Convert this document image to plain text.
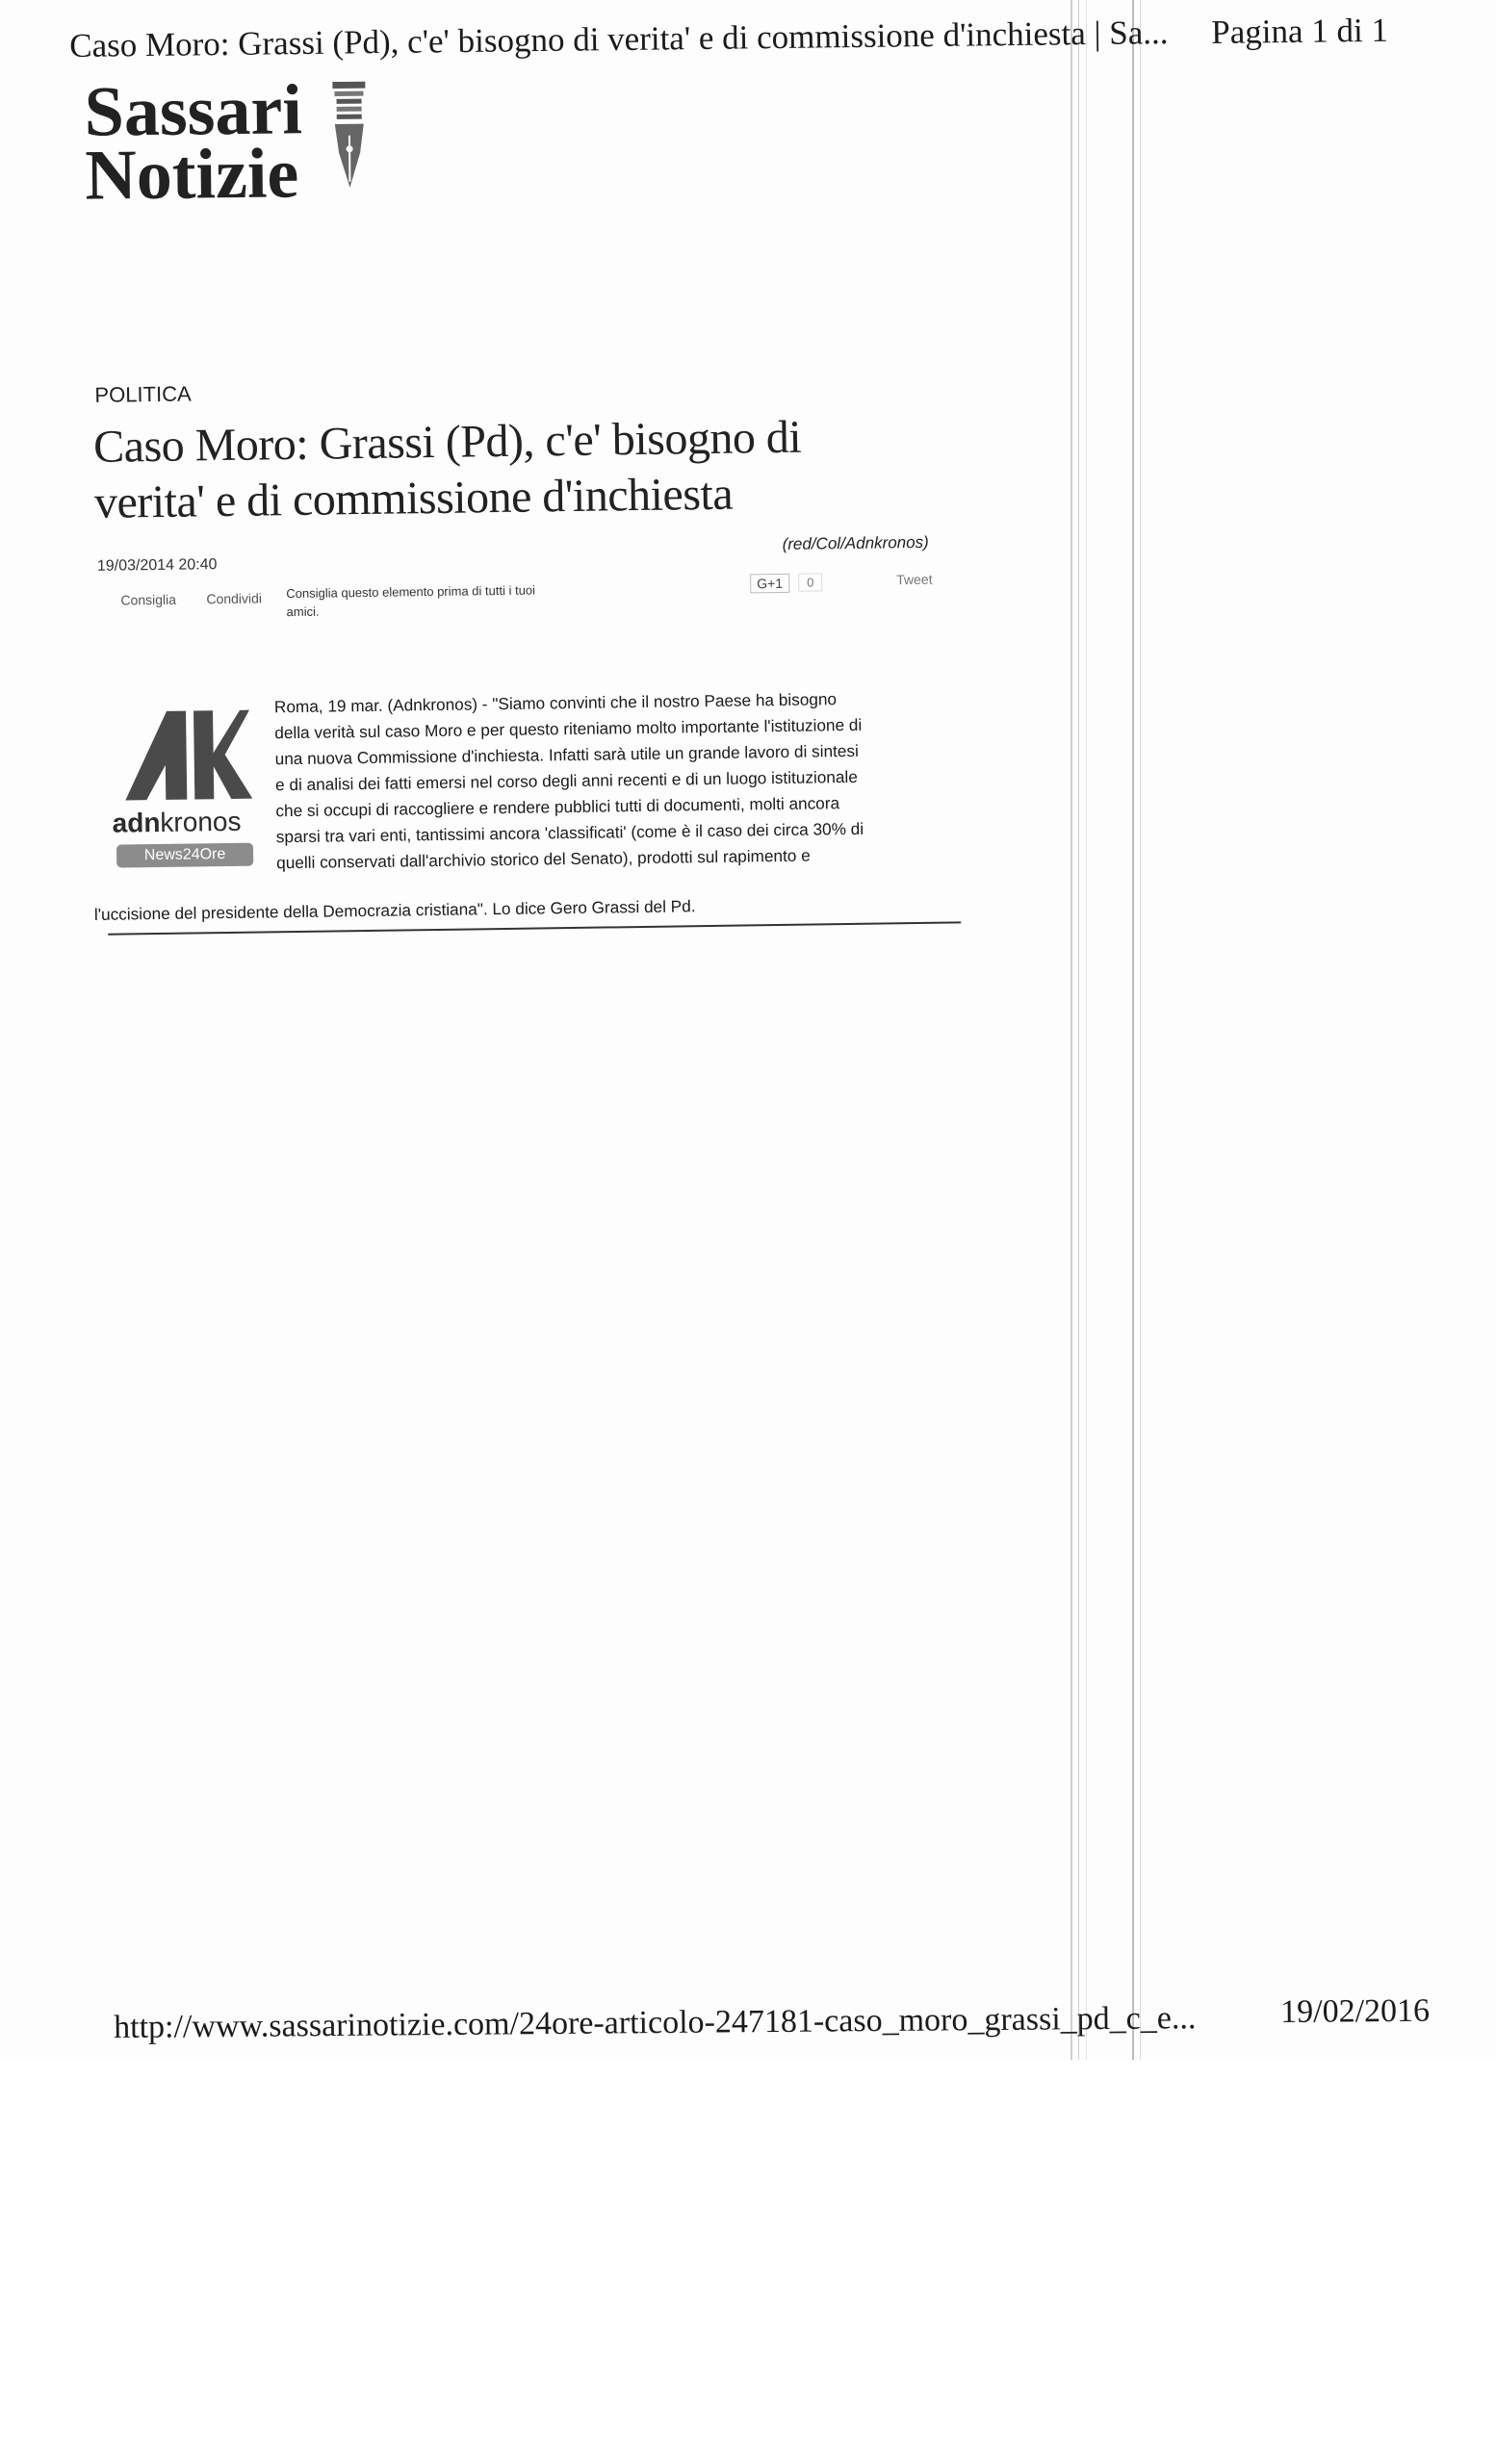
Caso Moro: Grassi (Pd), c'e' bisogno di verita' e di commissione d'inchiesta | Sa... Pagina 1 di 1
Sassari
Notizie
POLITICA
Caso Moro: Grassi (Pd), c'e' bisogno di
verita' e di commissione d'inchiesta
19/03/2014 20:40
(red/Col/Adnkronos)
Consiglia Condividi Consiglia questo elemento prima di tutti i tuoi amici.
G+1	0	Tweet
adnkronos
News24Ore
Roma, 19 mar. (Adnkronos) - "Siamo convinti che il nostro Paese ha bisogno
della verità sul caso Moro e per questo riteniamo molto importante l'istituzione di
una nuova Commissione d'inchiesta. Infatti sarà utile un grande lavoro di sintesi
e di analisi dei fatti emersi nel corso degli anni recenti e di un luogo istituzionale
che si occupi di raccogliere e rendere pubblici tutti di documenti, molti ancora
sparsi tra vari enti, tantissimi ancora 'classificati' (come è il caso dei circa 30% di
quelli conservati dall'archivio storico del Senato), prodotti sul rapimento e
l'uccisione del presidente della Democrazia cristiana". Lo dice Gero Grassi del Pd.
http://www.sassarinotizie.com/24ore-articolo-247181-caso_moro_grassi_pd_c_e...	19/02/2016
